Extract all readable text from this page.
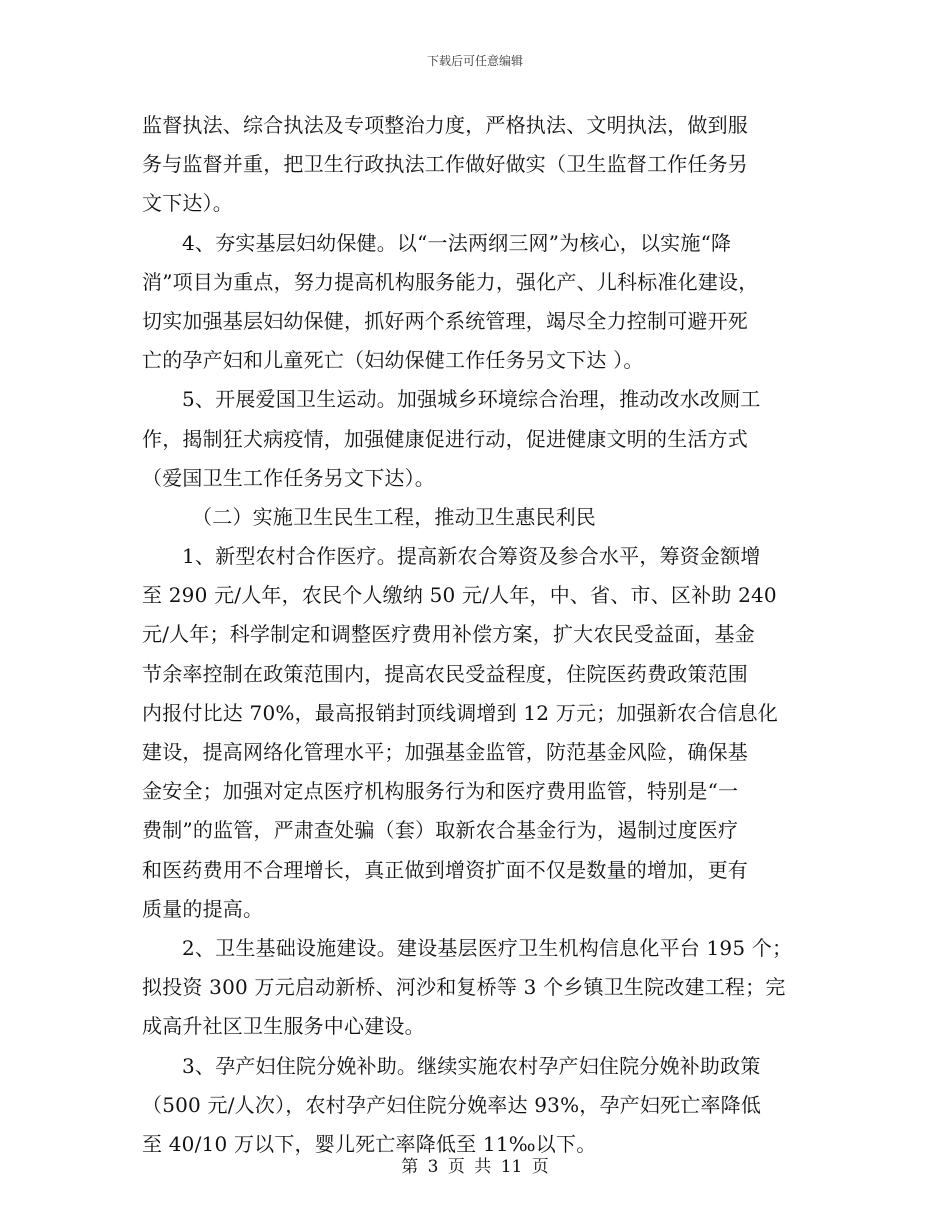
下载后可任意编辑
监督执法、综合执法及专项整治力度，严格执法、文明执法，做到服
务与监督并重，把卫生行政执法工作做好做实（卫生监督工作任务另
文下达）。
4、夯实基层妇幼保健。以“一法两纲三网”为核心，以实施“降
消”项目为重点，努力提高机构服务能力，强化产、儿科标准化建设，
切实加强基层妇幼保健，抓好两个系统管理，竭尽全力控制可避开死
亡的孕产妇和儿童死亡（妇幼保健工作任务另文下达 ）。
5、开展爱国卫生运动。加强城乡环境综合治理，推动改水改厕工
作，揭制狂犬病疫情，加强健康促进行动，促进健康文明的生活方式
（爱国卫生工作任务另文下达）。
（二）实施卫生民生工程，推动卫生惠民利民
1、新型农村合作医疗。提高新农合筹资及参合水平，筹资金额增
至 290 元/人年，农民个人缴纳 50 元/人年，中、省、市、区补助 240
元/人年；科学制定和调整医疗费用补偿方案，扩大农民受益面，基金
节余率控制在政策范围内，提高农民受益程度，住院医药费政策范围
内报付比达 70%，最高报销封顶线调增到 12 万元；加强新农合信息化
建设，提高网络化管理水平；加强基金监管，防范基金风险，确保基
金安全；加强对定点医疗机构服务行为和医疗费用监管，特别是“一
费制”的监管，严肃查处骗（套）取新农合基金行为，遏制过度医疗
和医药费用不合理增长，真正做到增资扩面不仅是数量的增加，更有
质量的提高。
2、卫生基础设施建设。建设基层医疗卫生机构信息化平台 195 个；
拟投资 300 万元启动新桥、河沙和复桥等 3 个乡镇卫生院改建工程；完
成高升社区卫生服务中心建设。
3、孕产妇住院分娩补助。继续实施农村孕产妇住院分娩补助政策
（500 元/人次），农村孕产妇住院分娩率达 93%，孕产妇死亡率降低
至 40/10 万以下，婴儿死亡率降低至 11‰以下。
第 3 页 共 11 页
